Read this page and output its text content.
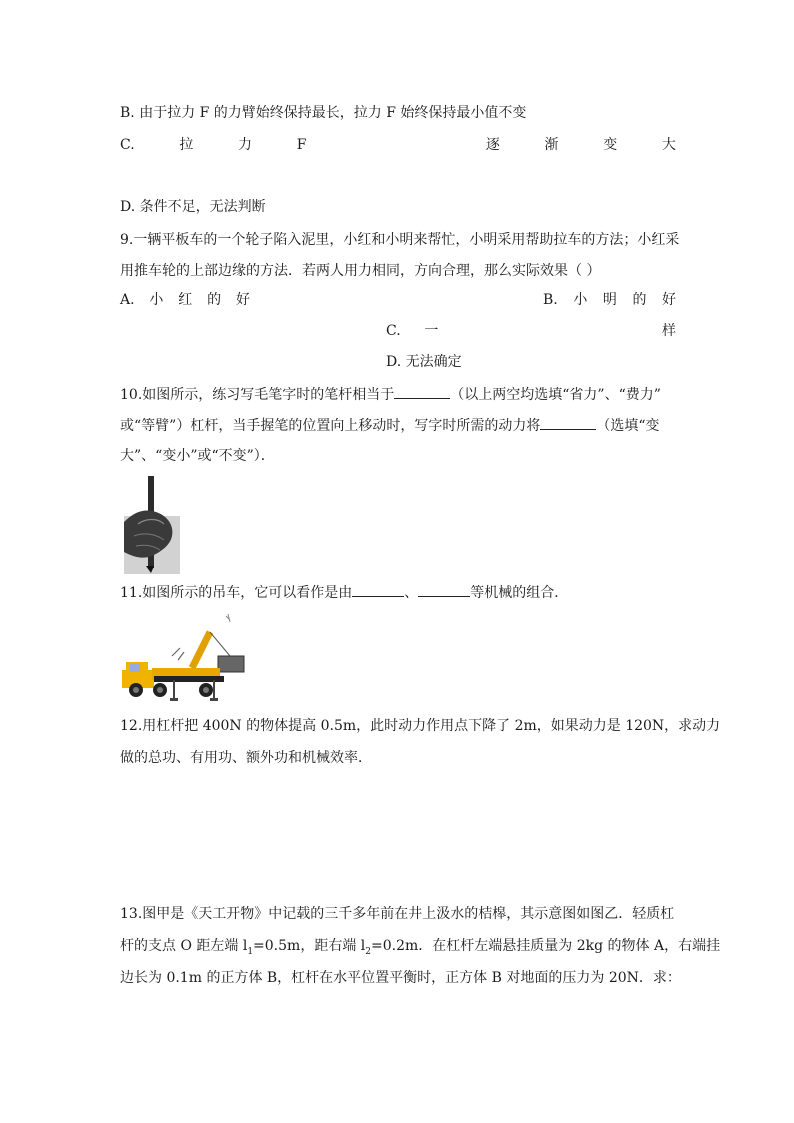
B. 由于拉力 F 的力臂始终保持最长，拉力 F 始终保持最小值不变
C.	拉	力	F	逐	渐	变	大
D. 条件不足，无法判断
9.一辆平板车的一个轮子陷入泥里，小红和小明来帮忙，小明采用帮助拉车的方法；小红采
用推车轮的上部边缘的方法．若两人用力相同，方向合理，那么实际效果（ ）
A. 小 红 的 好	B. 小 明 的 好
C. 一	样
D. 无法确定
10.如图所示，练习写毛笔字时的笔杆相当于	（以上两空均选填“省力”、“费力”
或“等臂”）杠杆，当手握笔的位置向上移动时，写字时所需的动力将	（选填“变
大”、“变小”或“不变”）．
11.如图所示的吊车，它可以看作是由	、	等机械的组合．
12.用杠杆把 400N 的物体提高 0.5m，此时动力作用点下降了 2m，如果动力是 120N，求动力
做的总功、有用功、额外功和机械效率．
13.图甲是《天工开物》中记载的三千多年前在井上汲水的桔槔，其示意图如图乙．轻质杠
杆的支点 O 距左端 $l_1=0.5m$，距右端 $l_2=0.2m$．在杠杆左端悬挂质量为 2kg 的物体 A，右端挂
边长为 0.1m 的正方体 B，杠杆在水平位置平衡时，正方体 B 对地面的压力为 20N．求：
